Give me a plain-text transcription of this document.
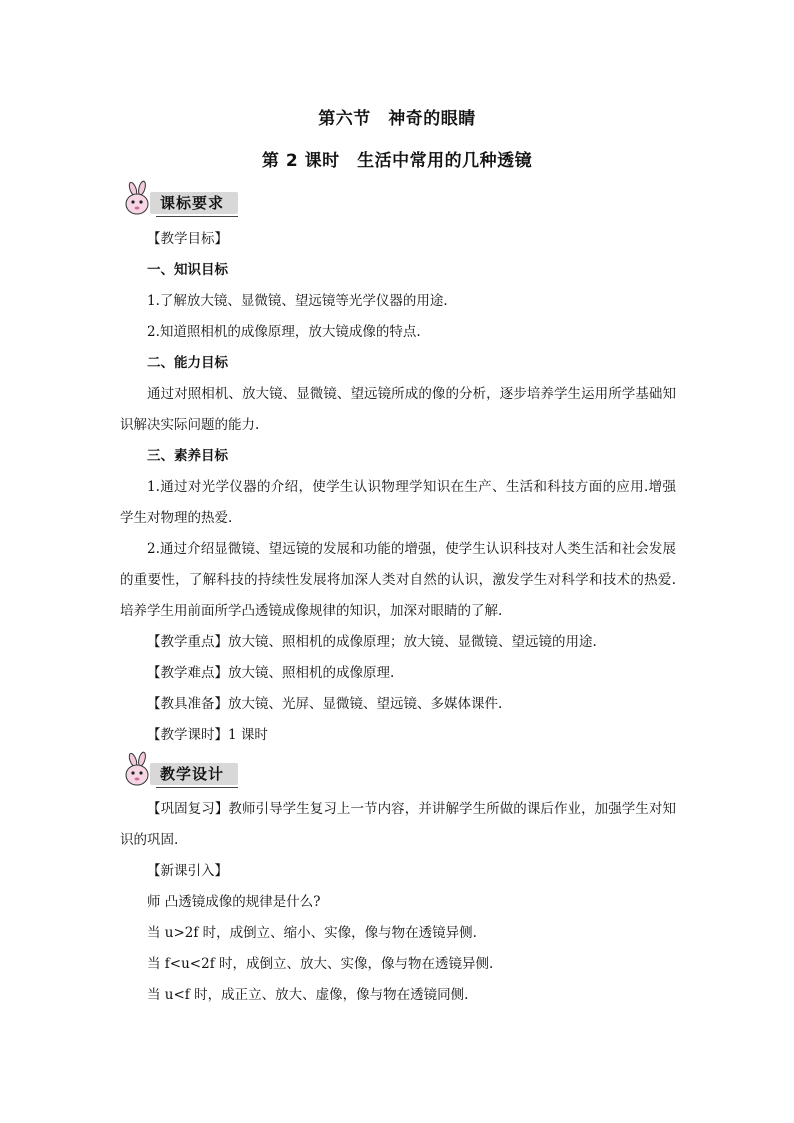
第六节　神奇的眼睛
第 2 课时　生活中常用的几种透镜
课标要求
【教学目标】
一、知识目标
1.了解放大镜、显微镜、望远镜等光学仪器的用途.
2.知道照相机的成像原理，放大镜成像的特点.
二、能力目标
通过对照相机、放大镜、显微镜、望远镜所成的像的分析，逐步培养学生运用所学基础知识解决实际问题的能力.
三、素养目标
1.通过对光学仪器的介绍，使学生认识物理学知识在生产、生活和科技方面的应用.增强学生对物理的热爱.
2.通过介绍显微镜、望远镜的发展和功能的增强，使学生认识科技对人类生活和社会发展的重要性，了解科技的持续性发展将加深人类对自然的认识，激发学生对科学和技术的热爱.培养学生用前面所学凸透镜成像规律的知识，加深对眼睛的了解.
【教学重点】放大镜、照相机的成像原理；放大镜、显微镜、望远镜的用途.
【教学难点】放大镜、照相机的成像原理.
【教具准备】放大镜、光屏、显微镜、望远镜、多媒体课件.
【教学课时】1 课时
教学设计
【巩固复习】教师引导学生复习上一节内容，并讲解学生所做的课后作业，加强学生对知识的巩固.
【新课引入】
师 凸透镜成像的规律是什么?
当 u>2f 时，成倒立、缩小、实像，像与物在透镜异侧.
当 f<u<2f 时，成倒立、放大、实像，像与物在透镜异侧.
当 u<f 时，成正立、放大、虚像，像与物在透镜同侧.
